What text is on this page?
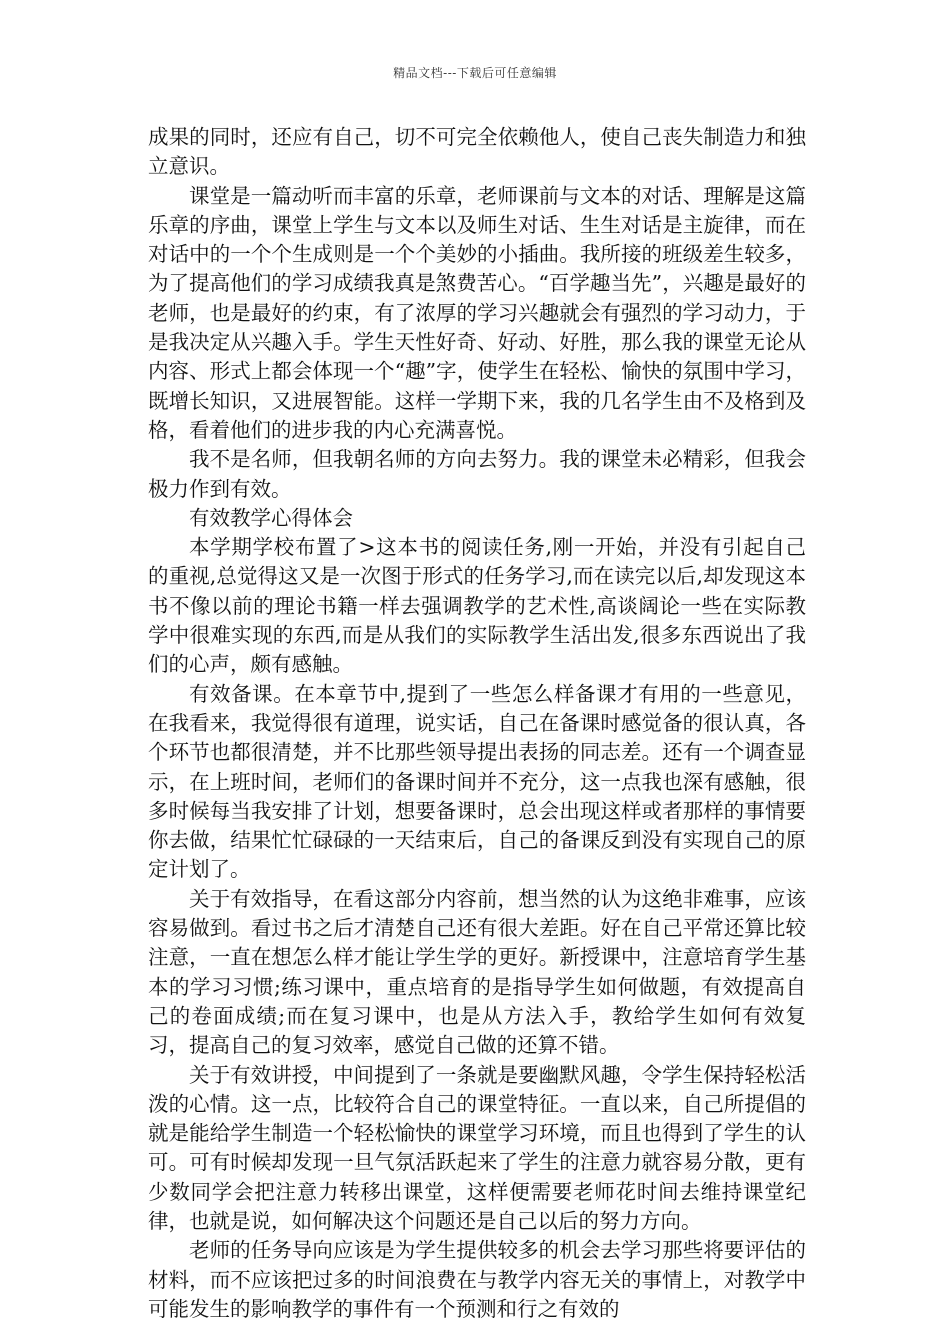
精品文档---下载后可任意编辑

成果的同时，还应有自己，切不可完全依赖他人，使自己丧失制造力和独立意识。

课堂是一篇动听而丰富的乐章，老师课前与文本的对话、理解是这篇乐章的序曲，课堂上学生与文本以及师生对话、生生对话是主旋律，而在对话中的一个个生成则是一个个美妙的小插曲。我所接的班级差生较多，为了提高他们的学习成绩我真是煞费苦心。“百学趣当先”，兴趣是最好的老师，也是最好的约束，有了浓厚的学习兴趣就会有强烈的学习动力，于是我决定从兴趣入手。学生天性好奇、好动、好胜，那么我的课堂无论从内容、形式上都会体现一个“趣”字，使学生在轻松、愉快的氛围中学习，既增长知识，又进展智能。这样一学期下来，我的几名学生由不及格到及格，看着他们的进步我的内心充满喜悦。

我不是名师，但我朝名师的方向去努力。我的课堂未必精彩，但我会极力作到有效。

有效教学心得体会

本学期学校布置了>这本书的阅读任务,刚一开始，并没有引起自己的重视,总觉得这又是一次图于形式的任务学习,而在读完以后,却发现这本书不像以前的理论书籍一样去强调教学的艺术性,高谈阔论一些在实际教学中很难实现的东西,而是从我们的实际教学生活出发,很多东西说出了我们的心声，颇有感触。

有效备课。在本章节中,提到了一些怎么样备课才有用的一些意见，在我看来，我觉得很有道理，说实话，自己在备课时感觉备的很认真，各个环节也都很清楚，并不比那些领导提出表扬的同志差。还有一个调查显示，在上班时间，老师们的备课时间并不充分，这一点我也深有感触，很多时候每当我安排了计划，想要备课时，总会出现这样或者那样的事情要你去做，结果忙忙碌碌的一天结束后，自己的备课反到没有实现自己的原定计划了。

关于有效指导，在看这部分内容前，想当然的认为这绝非难事，应该容易做到。看过书之后才清楚自己还有很大差距。好在自己平常还算比较注意，一直在想怎么样才能让学生学的更好。新授课中，注意培育学生基本的学习习惯;练习课中，重点培育的是指导学生如何做题，有效提高自己的卷面成绩;而在复习课中，也是从方法入手，教给学生如何有效复习，提高自己的复习效率，感觉自己做的还算不错。

关于有效讲授，中间提到了一条就是要幽默风趣，令学生保持轻松活泼的心情。这一点，比较符合自己的课堂特征。一直以来，自己所提倡的就是能给学生制造一个轻松愉快的课堂学习环境，而且也得到了学生的认可。可有时候却发现一旦气氛活跃起来了学生的注意力就容易分散，更有少数同学会把注意力转移出课堂，这样便需要老师花时间去维持课堂纪律，也就是说，如何解决这个问题还是自己以后的努力方向。

老师的任务导向应该是为学生提供较多的机会去学习那些将要评估的材料，而不应该把过多的时间浪费在与教学内容无关的事情上，对教学中可能发生的影响教学的事件有一个预测和行之有效的
